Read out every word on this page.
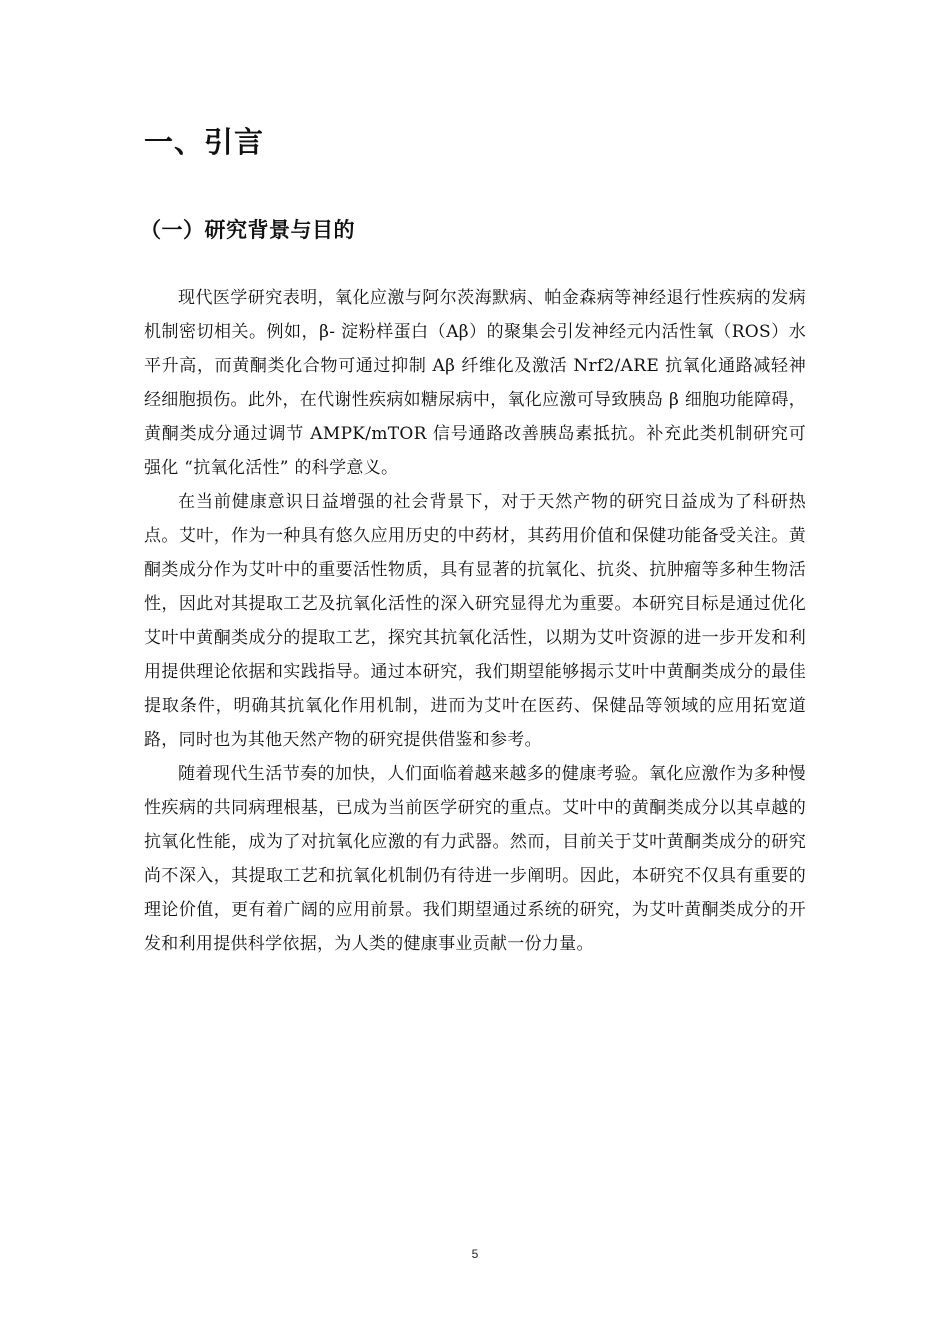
一、引言
（一）研究背景与目的

现代医学研究表明，氧化应激与阿尔茨海默病、帕金森病等神经退行性疾病的发病机制密切相关。例如，β- 淀粉样蛋白（Aβ）的聚集会引发神经元内活性氧（ROS）水平升高，而黄酮类化合物可通过抑制 Aβ 纤维化及激活 Nrf2/ARE 抗氧化通路减轻神经细胞损伤。此外，在代谢性疾病如糖尿病中，氧化应激可导致胰岛 β 细胞功能障碍，黄酮类成分通过调节 AMPK/mTOR 信号通路改善胰岛素抵抗。补充此类机制研究可强化 “抗氧化活性” 的科学意义。

在当前健康意识日益增强的社会背景下，对于天然产物的研究日益成为了科研热点。艾叶，作为一种具有悠久应用历史的中药材，其药用价值和保健功能备受关注。黄酮类成分作为艾叶中的重要活性物质，具有显著的抗氧化、抗炎、抗肿瘤等多种生物活性，因此对其提取工艺及抗氧化活性的深入研究显得尤为重要。本研究目标是通过优化艾叶中黄酮类成分的提取工艺，探究其抗氧化活性，以期为艾叶资源的进一步开发和利用提供理论依据和实践指导。通过本研究，我们期望能够揭示艾叶中黄酮类成分的最佳提取条件，明确其抗氧化作用机制，进而为艾叶在医药、保健品等领域的应用拓宽道路，同时也为其他天然产物的研究提供借鉴和参考。

随着现代生活节奏的加快，人们面临着越来越多的健康考验。氧化应激作为多种慢性疾病的共同病理根基，已成为当前医学研究的重点。艾叶中的黄酮类成分以其卓越的抗氧化性能，成为了对抗氧化应激的有力武器。然而，目前关于艾叶黄酮类成分的研究尚不深入，其提取工艺和抗氧化机制仍有待进一步阐明。因此，本研究不仅具有重要的理论价值，更有着广阔的应用前景。我们期望通过系统的研究，为艾叶黄酮类成分的开发和利用提供科学依据，为人类的健康事业贡献一份力量。

5
